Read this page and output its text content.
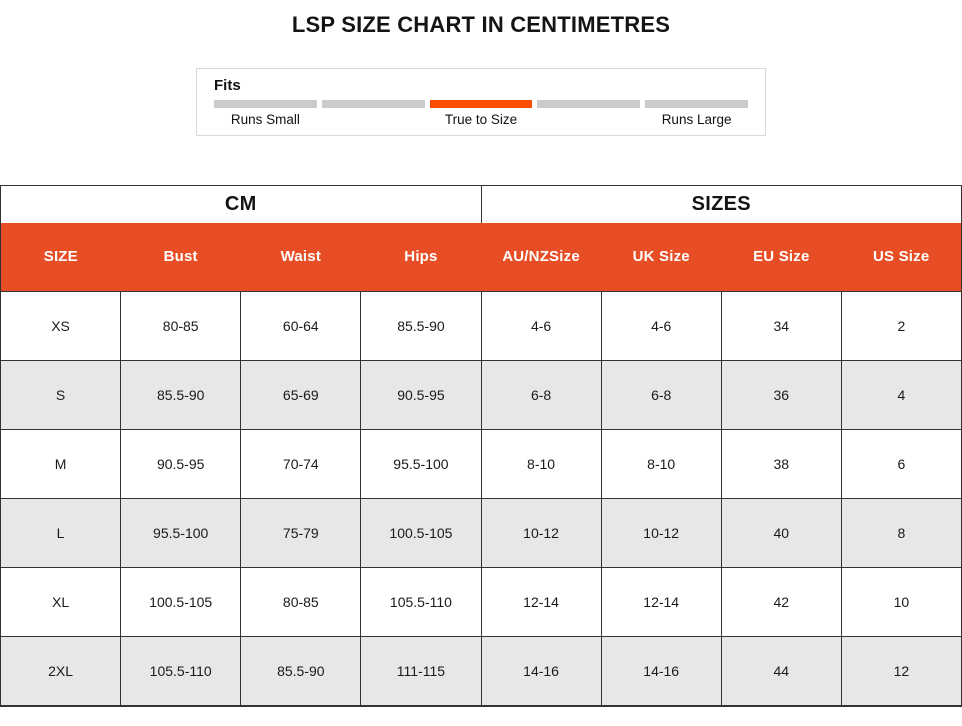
LSP SIZE CHART IN CENTIMETRES
Fits
Runs Small	True to Size	Runs Large
CM				SIZES			
SIZE	Bust	Waist	Hips	AU/NZSize	UK Size	EU Size	US Size
XS	80-85	60-64	85.5-90	4-6	4-6	34	2
S	85.5-90	65-69	90.5-95	6-8	6-8	36	4
M	90.5-95	70-74	95.5-100	8-10	8-10	38	6
L	95.5-100	75-79	100.5-105	10-12	10-12	40	8
XL	100.5-105	80-85	105.5-110	12-14	12-14	42	10
2XL	105.5-110	85.5-90	111-115	14-16	14-16	44	12
